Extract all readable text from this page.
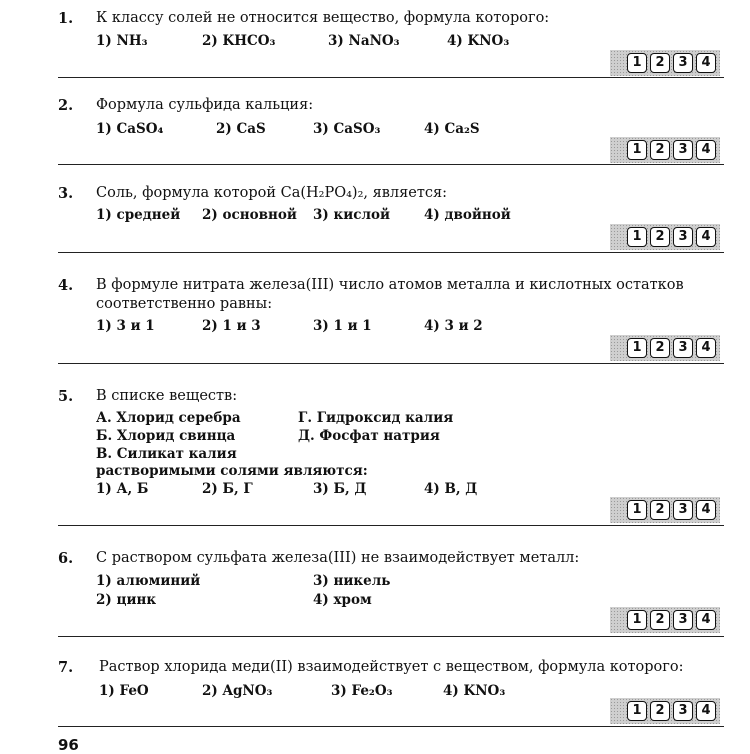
1. К классу солей не относится вещество, формула которого:
1) NH₃	2) KHCO₃	3) NaNO₃	4) KNO₃
1	2	3	4
2. Формула сульфида кальция:
1) CaSO₄	2) CaS	3) CaSO₃	4) Ca₂S
1	2	3	4
3. Соль, формула которой Ca(H₂PO₄)₂, является:
1) средней 2) основной 3) кислой	4) двойной
1	2	3	4
4. В формуле нитрата железа(III) число атомов металла и кислотных остатков
соответственно равны:
1) 3 и 1	2) 1 и 3	3) 1 и 1	4) 3 и 2
1	2	3	4
5. В списке веществ:
А. Хлорид серебра	Г. Гидроксид калия
Б. Хлорид свинца	Д. Фосфат натрия
В. Силикат калия
растворимыми солями являются:
1) А, Б	2) Б, Г	3) Б, Д	4) В, Д
1	2	3	4
6. С раствором сульфата железа(III) не взаимодействует металл:
1) алюминий	3) никель
2) цинк	4) хром
1	2	3	4
7. Раствор хлорида меди(II) взаимодействует с веществом, формула которого:
1) FeO	2) AgNO₃	3) Fe₂O₃	4) KNO₃
1	2	3	4
96
